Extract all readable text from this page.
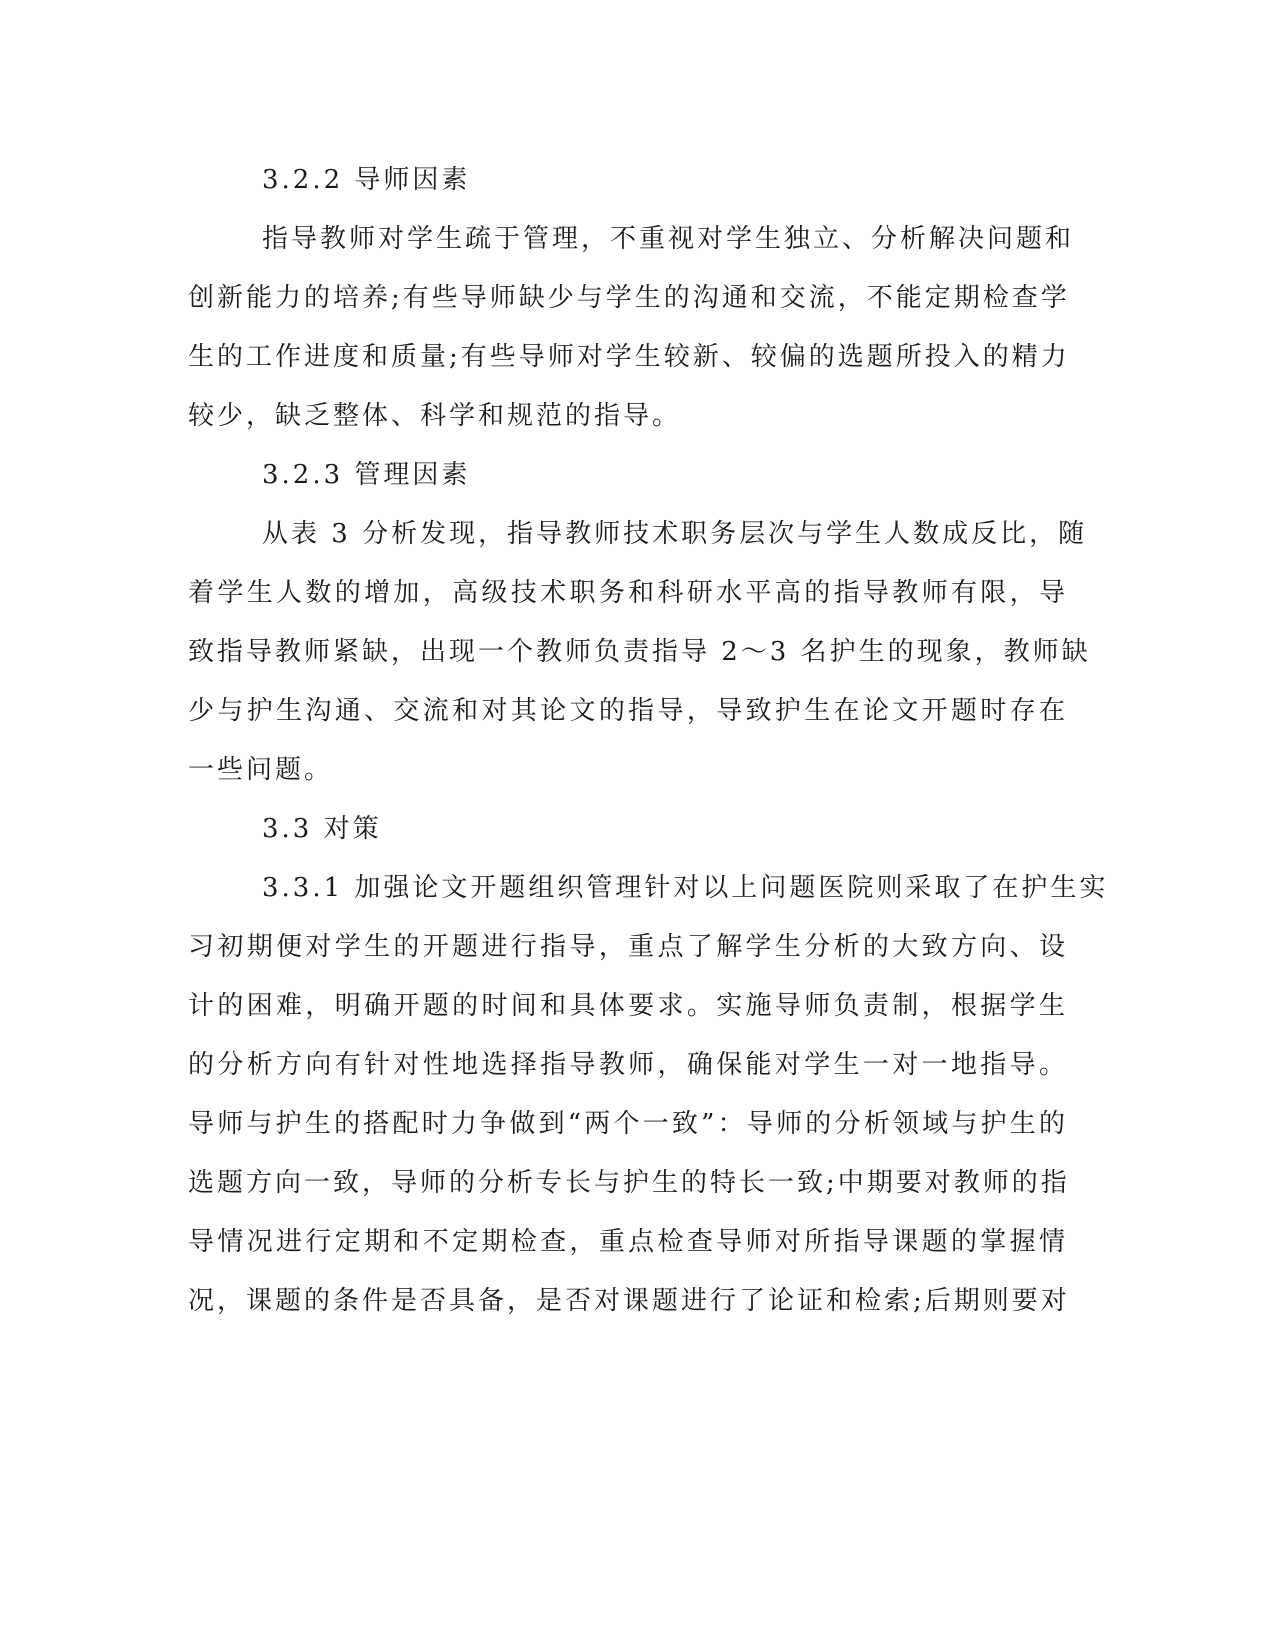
3.2.2 导师因素
指导教师对学生疏于管理，不重视对学生独立、分析解决问题和
创新能力的培养;有些导师缺少与学生的沟通和交流，不能定期检查学
生的工作进度和质量;有些导师对学生较新、较偏的选题所投入的精力
较少，缺乏整体、科学和规范的指导。
3.2.3 管理因素
从表 3 分析发现，指导教师技术职务层次与学生人数成反比，随
着学生人数的增加，高级技术职务和科研水平高的指导教师有限，导
致指导教师紧缺，出现一个教师负责指导 2～3 名护生的现象，教师缺
少与护生沟通、交流和对其论文的指导，导致护生在论文开题时存在
一些问题。
3.3 对策
3.3.1 加强论文开题组织管理针对以上问题医院则采取了在护生实
习初期便对学生的开题进行指导，重点了解学生分析的大致方向、设
计的困难，明确开题的时间和具体要求。实施导师负责制，根据学生
的分析方向有针对性地选择指导教师，确保能对学生一对一地指导。
导师与护生的搭配时力争做到“两个一致”：导师的分析领域与护生的
选题方向一致，导师的分析专长与护生的特长一致;中期要对教师的指
导情况进行定期和不定期检查，重点检查导师对所指导课题的掌握情
况，课题的条件是否具备，是否对课题进行了论证和检索;后期则要对
